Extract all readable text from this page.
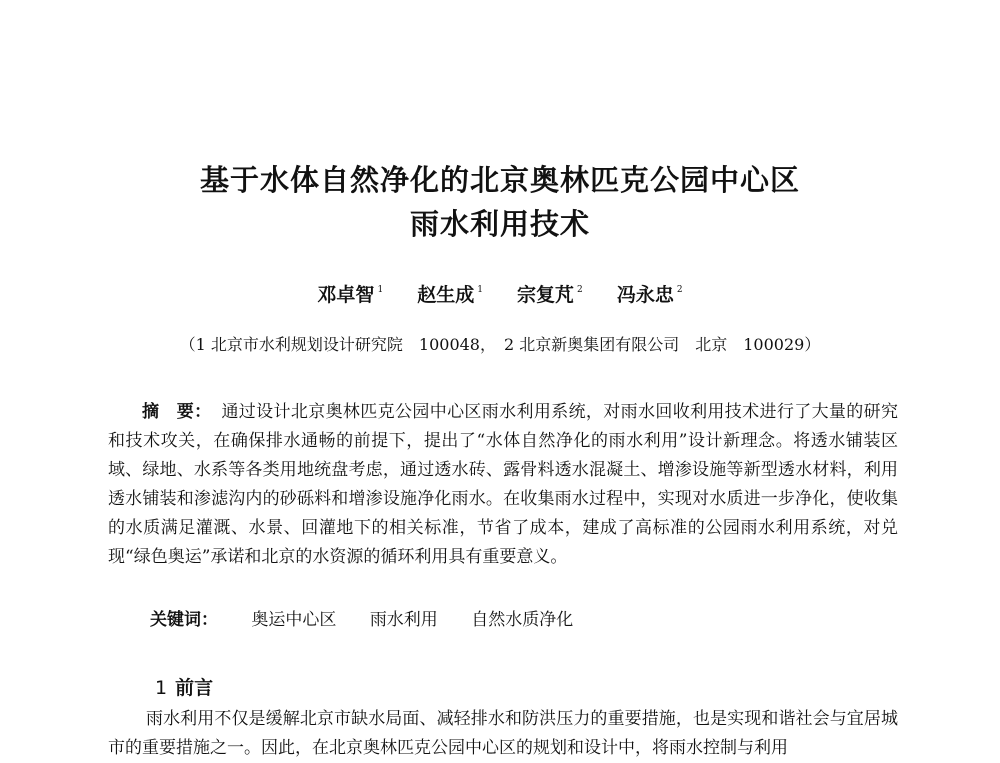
基于水体自然净化的北京奥林匹克公园中心区
雨水利用技术
邓卓智 $^1$ 赵生成 $^1$ 宗复芃 $^2$ 冯永忠 $^2$
（1 北京市水利规划设计研究院　100048，　2 北京新奥集团有限公司　北京　100029）
摘　要： 通过设计北京奥林匹克公园中心区雨水利用系统，对雨水回收利用技术进行了大量的研究和技术攻关，在确保排水通畅的前提下，提出了“水体自然净化的雨水利用”设计新理念。将透水铺装区域、绿地、水系等各类用地统盘考虑，通过透水砖、露骨料透水混凝土、增渗设施等新型透水材料，利用透水铺装和渗滤沟内的砂砾料和增渗设施净化雨水。在收集雨水过程中，实现对水质进一步净化，使收集的水质满足灌溉、水景、回灌地下的相关标准，节省了成本，建成了高标准的公园雨水利用系统，对兑现“绿色奥运”承诺和北京的水资源的循环利用具有重要意义。
关键词： 奥运中心区 雨水利用 自然水质净化
1 前言
雨水利用不仅是缓解北京市缺水局面、减轻排水和防洪压力的重要措施，也是实现和谐社会与宜居城市的重要措施之一。因此，在北京奥林匹克公园中心区的规划和设计中，将雨水控制与利用
